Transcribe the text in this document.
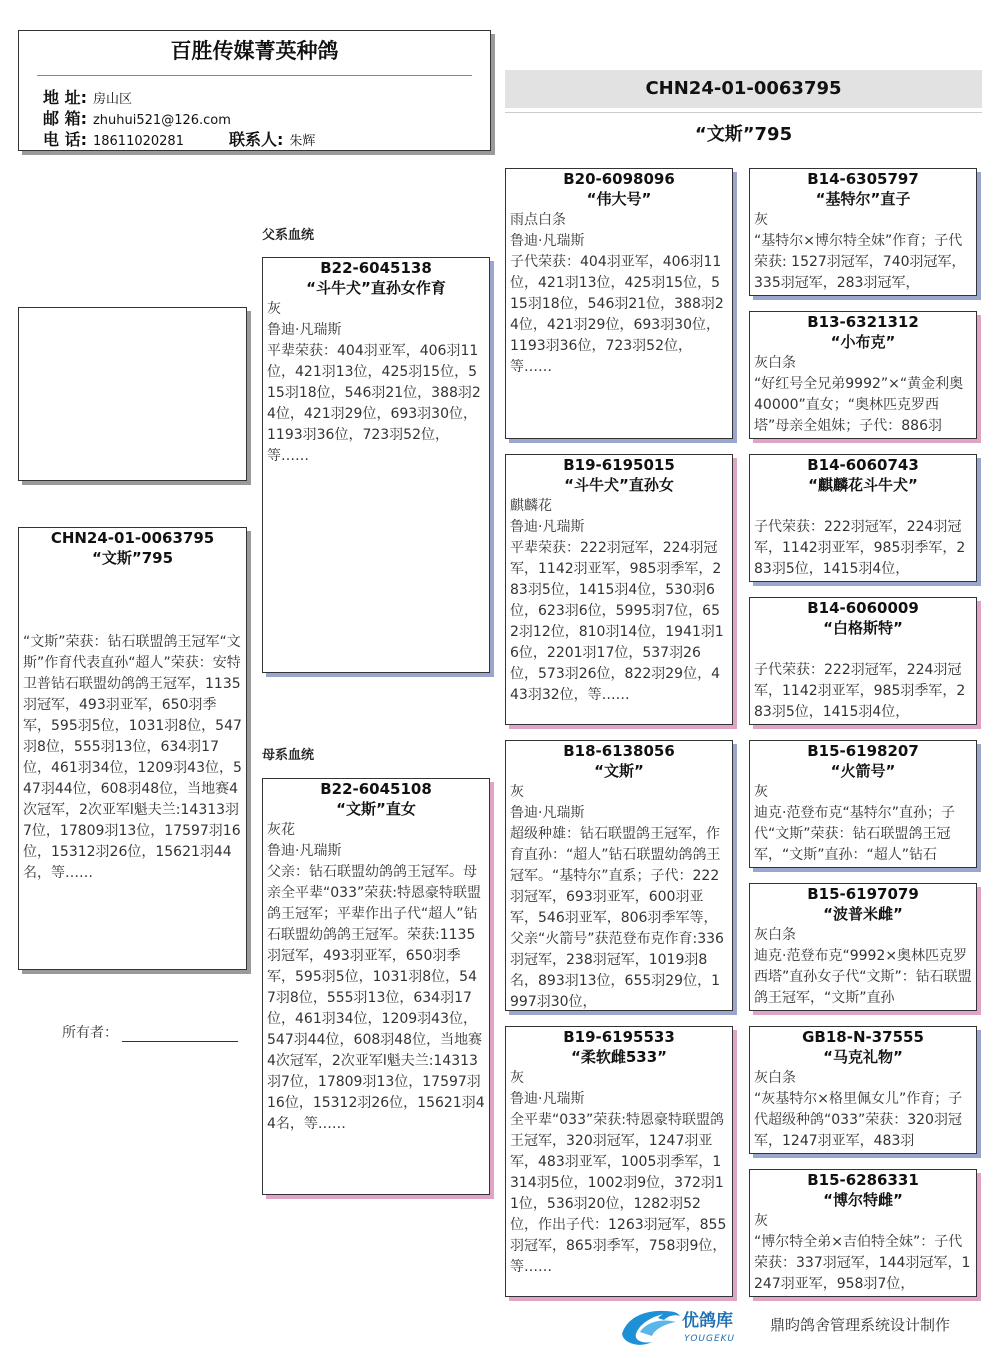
百胜传媒菁英种鸽
地 址: 房山区
邮 箱: zhuhui521@126.com
电 话: 18611020281	联系人: 朱辉
CHN24-01-0063795
“文斯”795
CHN24-01-0063795
“文斯”795
“文斯”荣获：钻石联盟鸽王冠军“文斯”作育代表直孙“超人”荣获：安特卫普钻石联盟幼鸽鸽王冠军，1135羽冠军，493羽亚军，650羽季军，595羽5位，1031羽8位，547羽8位，555羽13位，634羽17位，461羽34位，1209羽43位，547羽44位，608羽48位，当地赛4次冠军，2次亚军l魁夫兰:14313羽7位，17809羽13位，17597羽16位，15312羽26位，15621羽44名，等……
父系血统
母系血统
所有者：
B22-6045138
“斗牛犬”直孙女作育
灰
鲁迪·凡瑞斯
平辈荣获：404羽亚军，406羽11位，421羽13位，425羽15位，515羽18位，546羽21位，388羽24位，421羽29位，693羽30位，1193羽36位，723羽52位，等……
B22-6045108
“文斯”直女
灰花
鲁迪·凡瑞斯
父亲：钻石联盟幼鸽鸽王冠军。母亲全平辈“033”荣获:特恩豪特联盟鸽王冠军；平辈作出子代“超人”钻石联盟幼鸽鸽王冠军。荣获:1135羽冠军，493羽亚军，650羽季军，595羽5位，1031羽8位，547羽8位，555羽13位，634羽17位，461羽34位，1209羽43位，547羽44位，608羽48位，当地赛4次冠军，2次亚军l魁夫兰:14313羽7位，17809羽13位，17597羽16位，15312羽26位，15621羽44名，等……
B20-6098096
“伟大号”
雨点白条
鲁迪·凡瑞斯
子代荣获：404羽亚军，406羽11位，421羽13位，425羽15位，515羽18位，546羽21位，388羽24位，421羽29位，693羽30位，1193羽36位，723羽52位，等……
B19-6195015
“斗牛犬”直孙女
麒麟花
鲁迪·凡瑞斯
平辈荣获：222羽冠军，224羽冠军，1142羽亚军，985羽季军，283羽5位，1415羽4位，530羽6位，623羽6位，5995羽7位，652羽12位，810羽14位，1941羽16位，2201羽17位，537羽26位，573羽26位，822羽29位，443羽32位，等……
B18-6138056
“文斯”
灰
鲁迪·凡瑞斯
超级种雄：钻石联盟鸽王冠军，作育直孙：“超人”钻石联盟幼鸽鸽王冠军。“基特尔”直系；子代：222羽冠军，693羽亚军，600羽亚军，546羽亚军，806羽季军等，父亲“火箭号”获范登布克作育:336羽冠军，238羽冠军，1019羽8名，893羽13位，655羽29位，1997羽30位，
B19-6195533
“柔软雌533”
灰
鲁迪·凡瑞斯
全平辈“033”荣获:特恩豪特联盟鸽王冠军，320羽冠军，1247羽亚军，483羽亚军，1005羽季军，1314羽5位，1002羽9位，372羽11位，536羽20位，1282羽52位，作出子代：1263羽冠军，855羽冠军，865羽季军，758羽9位，等……
B14-6305797
“基特尔”直子
灰
“基特尔×博尔特全妹”作育；子代荣获: 1527羽冠军，740羽冠军，335羽冠军，283羽冠军，
B13-6321312
“小布克”
灰白条
“好红号全兄弟9992”×“黄金利奥40000”直女；“奥林匹克罗西塔”母亲全姐妹；子代：886羽
B14-6060743
“麒麟花斗牛犬”
子代荣获：222羽冠军，224羽冠军，1142羽亚军，985羽季军，283羽5位，1415羽4位，
B14-6060009
“白格斯特”
子代荣获：222羽冠军，224羽冠军，1142羽亚军，985羽季军，283羽5位，1415羽4位，
B15-6198207
“火箭号”
灰
迪克·范登布克“基特尔”直孙；子代“文斯”荣获：钻石联盟鸽王冠军，“文斯”直孙：“超人”钻石
B15-6197079
“波普米雌”
灰白条
迪克·范登布克“9992×奥林匹克罗西塔”直孙女子代“文斯”：钻石联盟鸽王冠军，“文斯”直孙
GB18-N-37555
“马克礼物”
灰白条
“灰基特尔×格里佩女儿”作育；子代超级种鸽“033”荣获：320羽冠军，1247羽亚军，483羽
B15-6286331
“博尔特雌”
灰
“博尔特全弟×吉伯特全妹”：子代荣获：337羽冠军，144羽冠军，1247羽亚军，958羽7位，
优鸽库
YOUGEKU
鼎昀鸽舍管理系统设计制作
